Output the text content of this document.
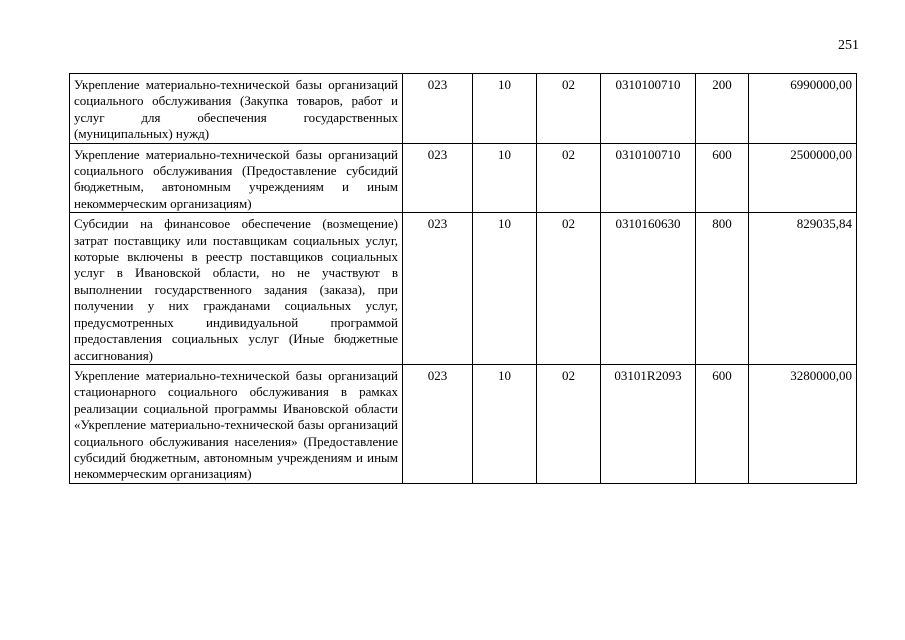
251
Укрепление материально-технической базы организаций социального обслуживания (Закупка товаров, работ и услуг для обеспечения государственных (муниципальных) нужд)	023	10	02	0310100710	200	6990000,00
Укрепление материально-технической базы организаций социального обслуживания (Предоставление субсидий бюджетным, автономным учреждениям и иным некоммерческим организациям)	023	10	02	0310100710	600	2500000,00
Субсидии на финансовое обеспечение (возмещение) затрат поставщику или поставщикам социальных услуг, которые включены в реестр поставщиков социальных услуг в Ивановской области, но не участвуют в выполнении государственного задания (заказа), при получении у них гражданами социальных услуг, предусмотренных индивидуальной программой предоставления социальных услуг (Иные бюджетные ассигнования)	023	10	02	0310160630	800	829035,84
Укрепление материально-технической базы организаций стационарного социального обслуживания в рамках реализации социальной программы Ивановской области «Укрепление материально-технической базы организаций социального обслуживания населения» (Предоставление субсидий бюджетным, автономным учреждениям и иным некоммерческим организациям)	023	10	02	03101R2093	600	3280000,00
